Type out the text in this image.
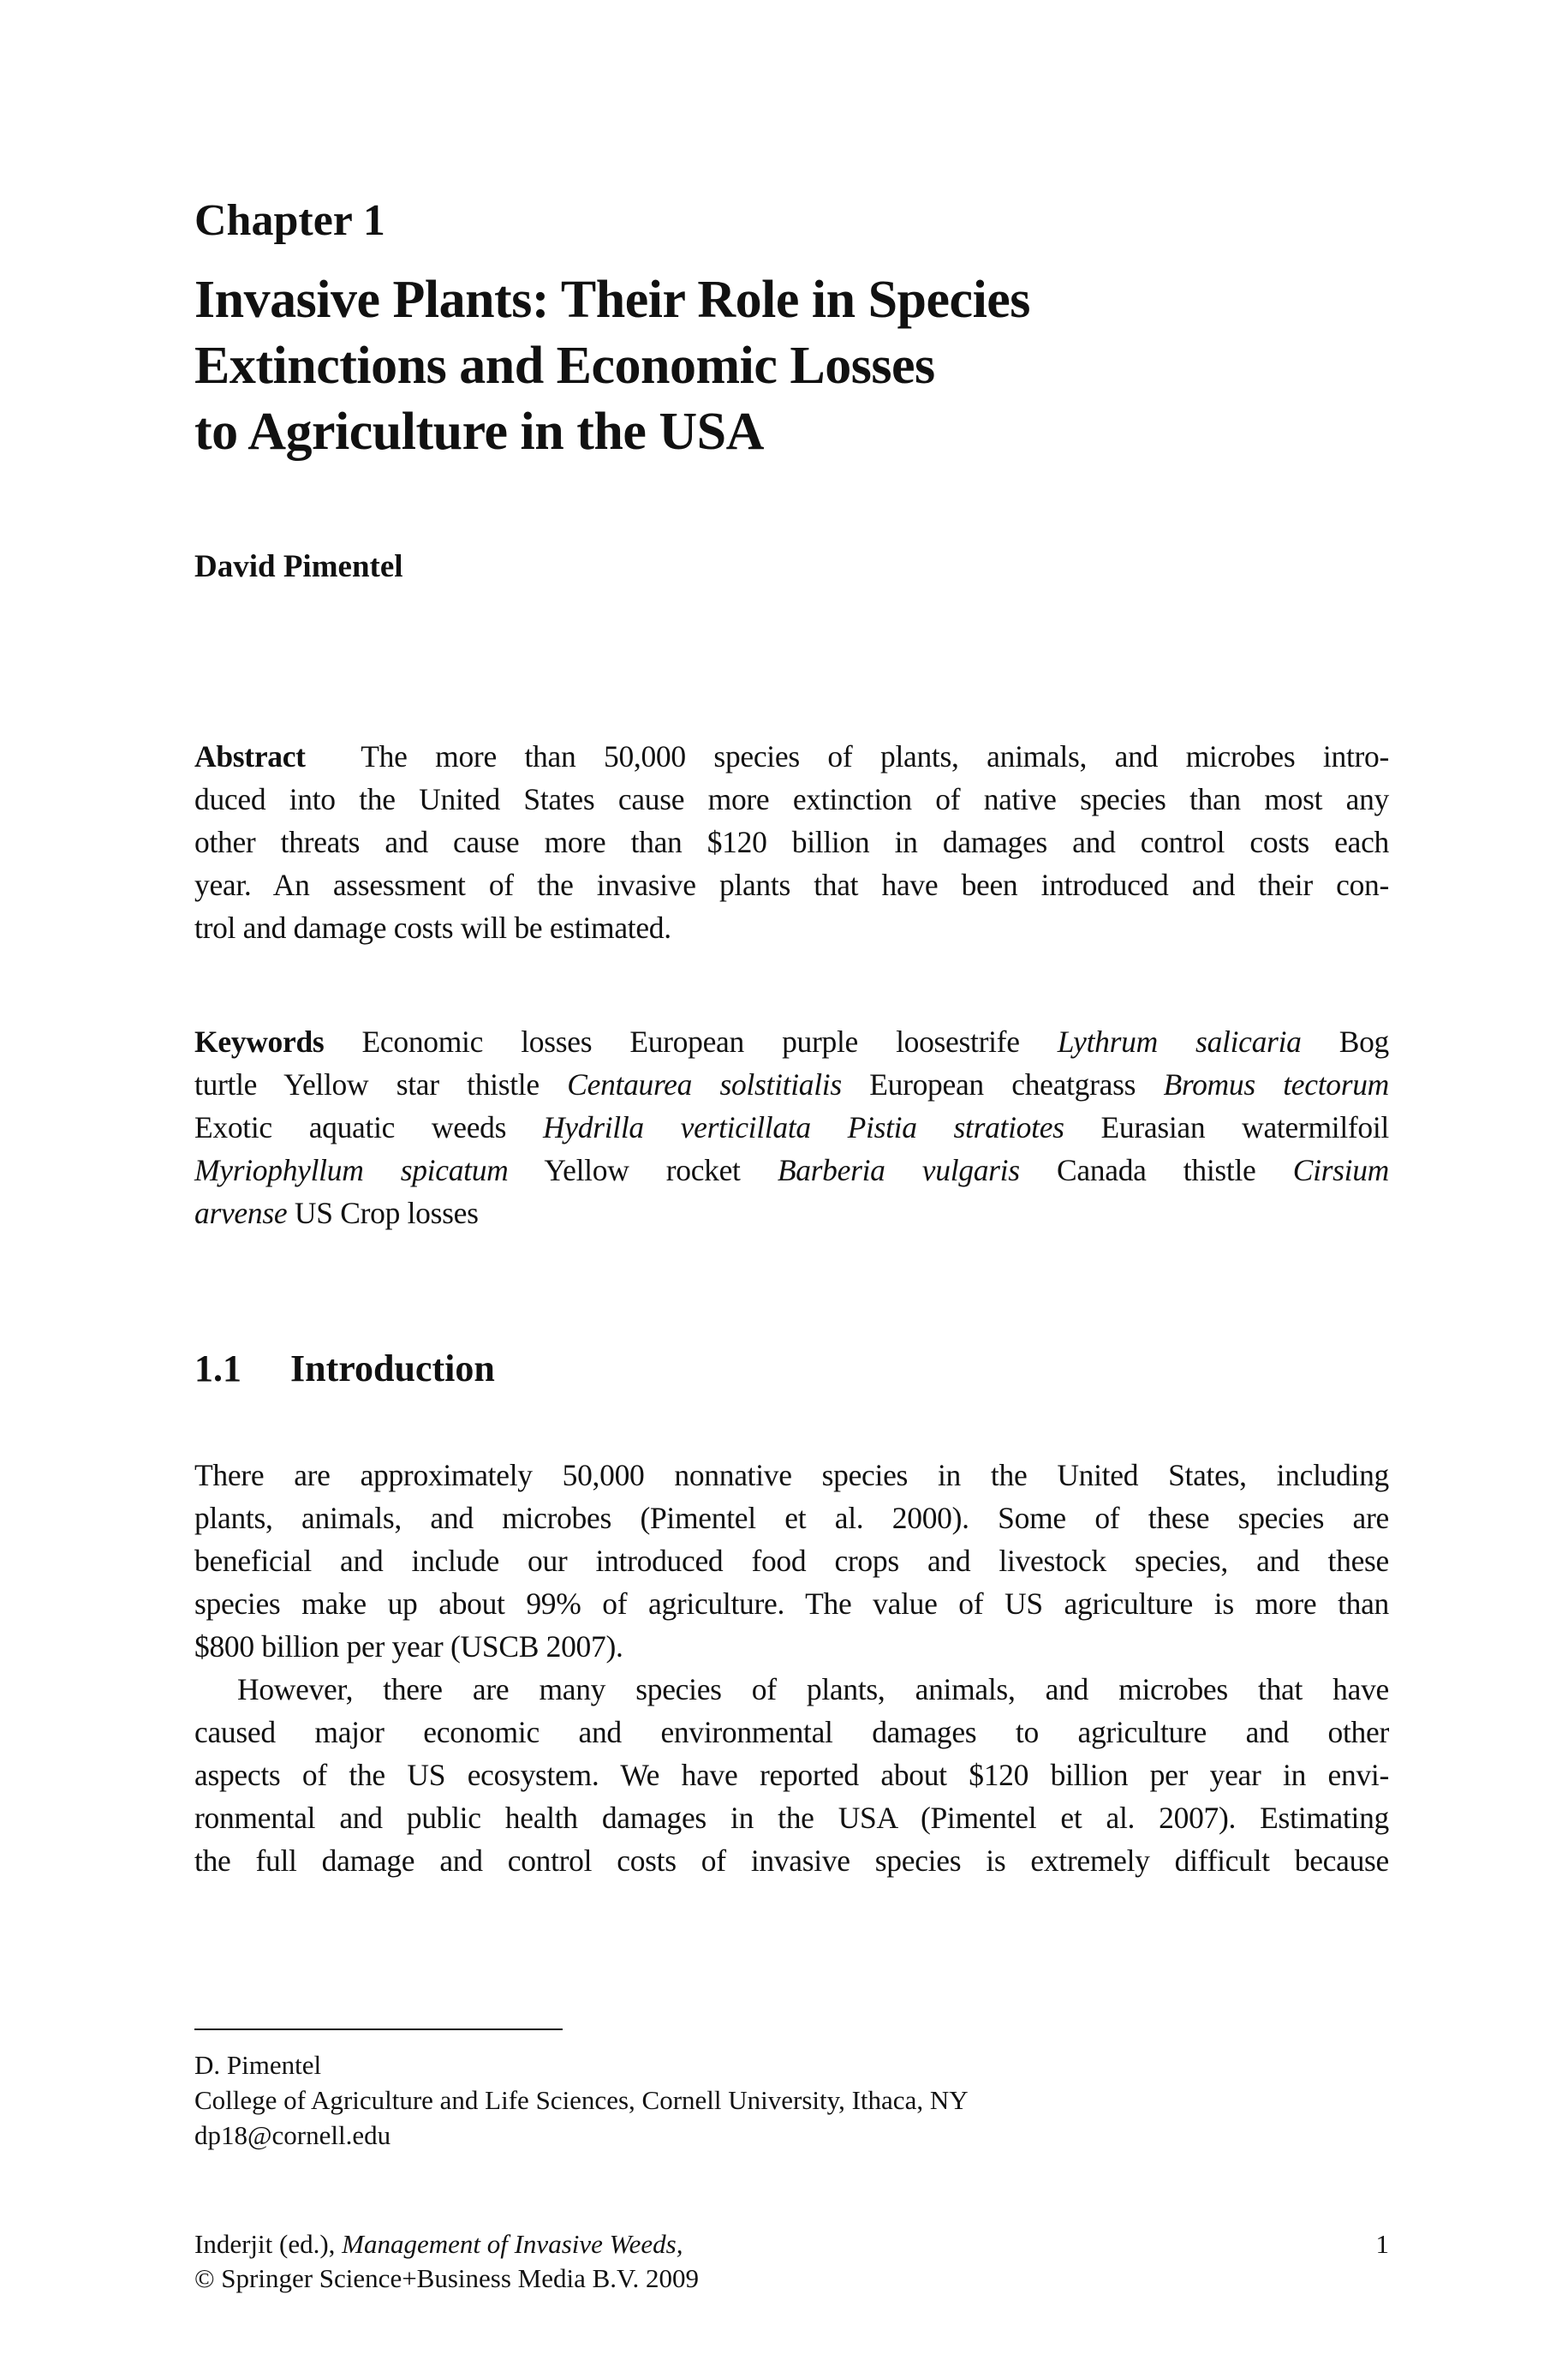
Chapter 1
Invasive Plants: Their Role in Species
Extinctions and Economic Losses
to Agriculture in the USA
David Pimentel
Abstract The more than 50,000 species of plants, animals, and microbes intro-
duced into the United States cause more extinction of native species than most any
other threats and cause more than $120 billion in damages and control costs each
year. An assessment of the invasive plants that have been introduced and their con-
trol and damage costs will be estimated.
Keywords Economic losses European purple loosestrife Lythrum salicaria Bog
turtle Yellow star thistle Centaurea solstitialis European cheatgrass Bromus tectorum
Exotic aquatic weeds Hydrilla verticillata Pistia stratiotes Eurasian watermilfoil
Myriophyllum spicatum Yellow rocket Barberia vulgaris Canada thistle Cirsium
arvense US Crop losses
1.1 Introduction
There are approximately 50,000 nonnative species in the United States, including
plants, animals, and microbes (Pimentel et al. 2000). Some of these species are
beneficial and include our introduced food crops and livestock species, and these
species make up about 99% of agriculture. The value of US agriculture is more than
$800 billion per year (USCB 2007).
However, there are many species of plants, animals, and microbes that have
caused major economic and environmental damages to agriculture and other
aspects of the US ecosystem. We have reported about $120 billion per year in envi-
ronmental and public health damages in the USA (Pimentel et al. 2007). Estimating
the full damage and control costs of invasive species is extremely difficult because
D. Pimentel
College of Agriculture and Life Sciences, Cornell University, Ithaca, NY
dp18@cornell.edu
Inderjit (ed.), Management of Invasive Weeds,
© Springer Science+Business Media B.V. 2009
1
